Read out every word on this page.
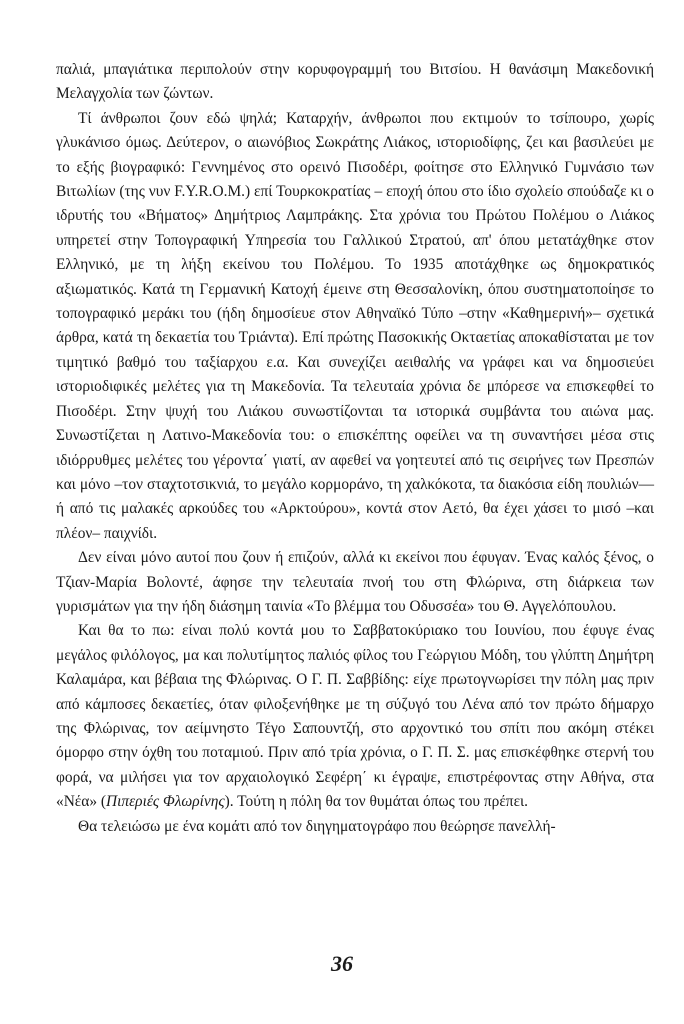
παλιά, μπαγιάτικα περιπολούν στην κορυφογραμμή του Βιτσίου. Η θανάσιμη Μακεδονική Μελαγχολία των ζώντων.

Τί άνθρωποι ζουν εδώ ψηλά; Καταρχήν, άνθρωποι που εκτιμούν το τσίπουρο, χωρίς γλυκάνισο όμως. Δεύτερον, ο αιωνόβιος Σωκράτης Λιάκος, ιστοριοδίφης, ζει και βασιλεύει με το εξής βιογραφικό: Γεννημένος στο ορεινό Πισοδέρι, φοίτησε στο Ελληνικό Γυμνάσιο των Βιτωλίων (της νυν F.Y.R.O.M.) επί Τουρκοκρατίας – εποχή όπου στο ίδιο σχολείο σπούδαζε κι ο ιδρυτής του «Βήματος» Δημήτριος Λαμπράκης. Στα χρόνια του Πρώτου Πολέμου ο Λιάκος υπηρετεί στην Τοπογραφική Υπηρεσία του Γαλλικού Στρατού, απ' όπου μετατάχθηκε στον Ελληνικό, με τη λήξη εκείνου του Πολέμου. Το 1935 αποτάχθηκε ως δημοκρατικός αξιωματικός. Κατά τη Γερμανική Κατοχή έμεινε στη Θεσσαλονίκη, όπου συστηματοποίησε το τοπογραφικό μεράκι του (ήδη δημοσίευε στον Αθηναϊκό Τύπο –στην «Καθημερινή»– σχετικά άρθρα, κατά τη δεκαετία του Τριάντα). Επί πρώτης Πασοκικής Οκταετίας αποκαθίσταται με τον τιμητικό βαθμό του ταξίαρχου ε.α. Και συνεχίζει αειθαλής να γράφει και να δημοσιεύει ιστοριοδιφικές μελέτες για τη Μακεδονία. Τα τελευταία χρόνια δε μπόρεσε να επισκεφθεί το Πισοδέρι. Στην ψυχή του Λιάκου συνωστίζονται τα ιστορικά συμβάντα του αιώνα μας. Συνωστίζεται η Λατινο-Μακεδονία του: ο επισκέπτης οφείλει να τη συναντήσει μέσα στις ιδιόρρυθμες μελέτες του γέροντα΄ γιατί, αν αφεθεί να γοητευτεί από τις σειρήνες των Πρεσπών και μόνο –τον σταχτοτσικνιά, το μεγάλο κορμοράνο, τη χαλκόκοτα, τα διακόσια είδη πουλιών— ή από τις μαλακές αρκούδες του «Αρκτούρου», κοντά στον Αετό, θα έχει χάσει το μισό –και πλέον– παιχνίδι.

Δεν είναι μόνο αυτοί που ζουν ή επιζούν, αλλά κι εκείνοι που έφυγαν. Ένας καλός ξένος, ο Τζιαν-Μαρία Βολοντέ, άφησε την τελευταία πνοή του στη Φλώρινα, στη διάρκεια των γυρισμάτων για την ήδη διάσημη ταινία «Το βλέμμα του Οδυσσέα» του Θ. Αγγελόπουλου.

Και θα το πω: είναι πολύ κοντά μου το Σαββατοκύριακο του Ιουνίου, που έφυγε ένας μεγάλος φιλόλογος, μα και πολυτίμητος παλιός φίλος του Γεώργιου Μόδη, του γλύπτη Δημήτρη Καλαμάρα, και βέβαια της Φλώρινας. Ο Γ. Π. Σαββίδης: είχε πρωτογνωρίσει την πόλη μας πριν από κάμποσες δεκαετίες, όταν φιλοξενήθηκε με τη σύζυγό του Λένα από τον πρώτο δήμαρχο της Φλώρινας, τον αείμνηστο Τέγο Σαπουντζή, στο αρχοντικό του σπίτι που ακόμη στέκει όμορφο στην όχθη του ποταμιού. Πριν από τρία χρόνια, ο Γ. Π. Σ. μας επισκέφθηκε στερνή του φορά, να μιλήσει για τον αρχαιολογικό Σεφέρη΄ κι έγραψε, επιστρέφοντας στην Αθήνα, στα «Νέα» (Πιπεριές Φλωρίνης). Τούτη η πόλη θα τον θυμάται όπως του πρέπει.

Θα τελειώσω με ένα κομάτι από τον διηγηματογράφο που θεώρησε πανελλή-

36
